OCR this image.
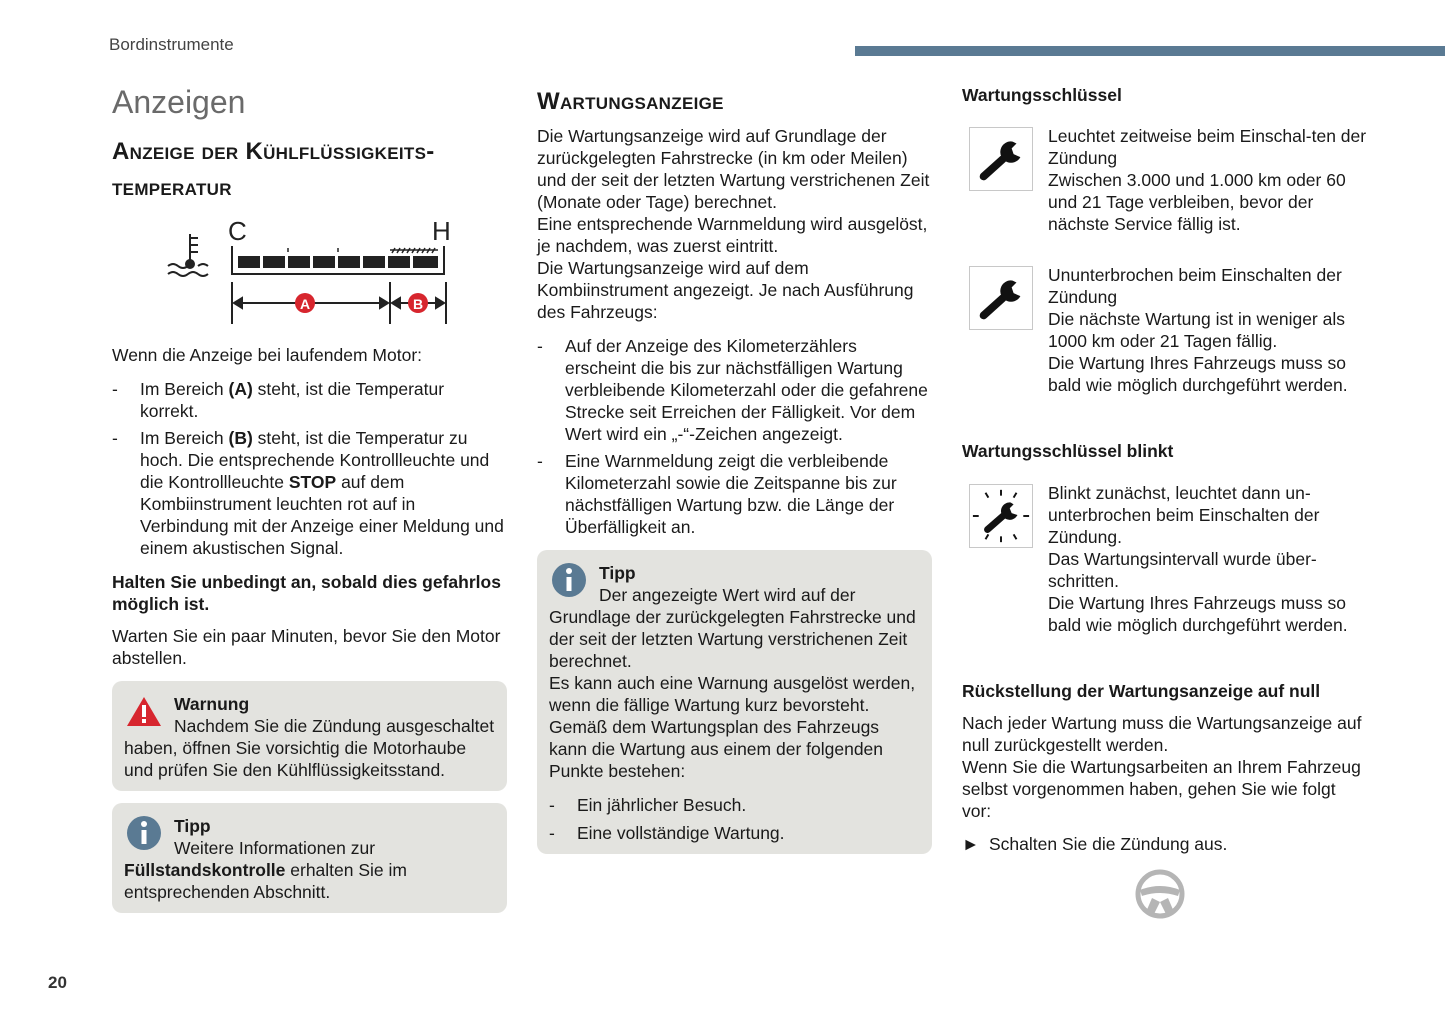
Bordinstrumente
Anzeigen
Anzeige der Kühlflüssigkeits-
temperatur
C	H
A	B

Wenn die Anzeige bei laufendem Motor:

- Im Bereich (A) steht, ist die Temperatur korrekt.
- Im Bereich (B) steht, ist die Temperatur zu hoch. Die entsprechende Kontrollleuchte und die Kontrollleuchte STOP auf dem Kombiinstrument leuchten rot auf in Verbindung mit der Anzeige einer Meldung und einem akustischen Signal.

Halten Sie unbedingt an, sobald dies gefahrlos möglich ist.

Warten Sie ein paar Minuten, bevor Sie den Motor abstellen.

Warnung
Nachdem Sie die Zündung ausgeschaltet haben, öffnen Sie vorsichtig die Motorhaube und prüfen Sie den Kühlflüssigkeitsstand.
Tipp
Weitere Informationen zur Füllstandskontrolle erhalten Sie im entsprechenden Abschnitt.
Wartungsanzeige

Die Wartungsanzeige wird auf Grundlage der zurückgelegten Fahrstrecke (in km oder Meilen) und der seit der letzten Wartung verstrichenen Zeit (Monate oder Tage) berechnet.

Eine entsprechende Warnmeldung wird ausgelöst, je nachdem, was zuerst eintritt.

Die Wartungsanzeige wird auf dem Kombiinstrument angezeigt. Je nach Ausführung des Fahrzeugs:

- Auf der Anzeige des Kilometerzählers erscheint die bis zur nächstfälligen Wartung verbleibende Kilometerzahl oder die gefahrene Strecke seit Erreichen der Fälligkeit. Vor dem Wert wird ein „-“-Zeichen angezeigt.
- Eine Warnmeldung zeigt die verbleibende Kilometerzahl sowie die Zeitspanne bis zur nächstfälligen Wartung bzw. die Länge der Überfälligkeit an.
Tipp
Der angezeigte Wert wird auf der Grundlage der zurückgelegten Fahrstrecke und der seit der letzten Wartung verstrichenen Zeit berechnet.
Es kann auch eine Warnung ausgelöst werden, wenn die fällige Wartung kurz bevorsteht.
Gemäß dem Wartungsplan des Fahrzeugs kann die Wartung aus einem der folgenden Punkte bestehen:
- Ein jährlicher Besuch.
- Eine vollständige Wartung.
Wartungsschlüssel

Leuchtet zeitweise beim Einschal-ten der Zündung

Zwischen 3.000 und 1.000 km oder 60 und 21 Tage verbleiben, bevor der nächste Service fällig ist.

Ununterbrochen beim Einschalten der Zündung

Die nächste Wartung ist in weniger als 1000 km oder 21 Tagen fällig.

Die Wartung Ihres Fahrzeugs muss so bald wie möglich durchgeführt werden.

Wartungsschlüssel blinkt

Blinkt zunächst, leuchtet dann un-unterbrochen beim Einschalten der Zündung.

Das Wartungsintervall wurde über-schritten.

Die Wartung Ihres Fahrzeugs muss so bald wie möglich durchgeführt werden.

Rückstellung der Wartungsanzeige auf null

Nach jeder Wartung muss die Wartungsanzeige auf null zurückgestellt werden.

Wenn Sie die Wartungsarbeiten an Ihrem Fahrzeug selbst vorgenommen haben, gehen Sie wie folgt vor:

► Schalten Sie die Zündung aus.
20
